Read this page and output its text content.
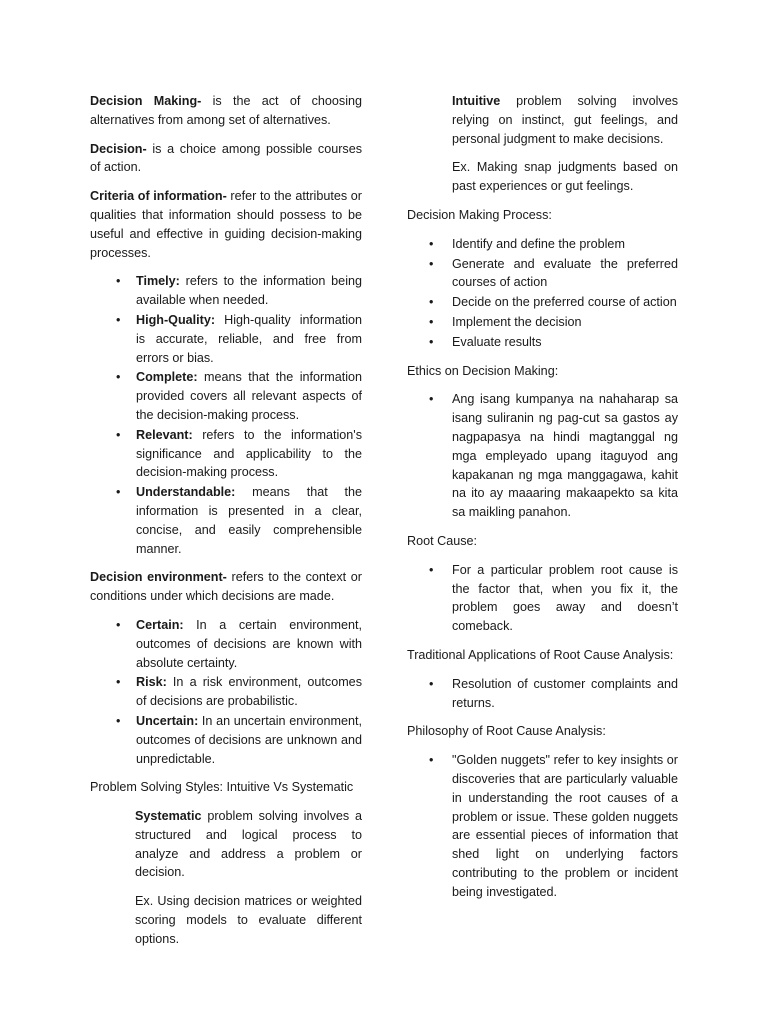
Decision Making- is the act of choosing alternatives from among set of alternatives.

Decision- is a choice among possible courses of action.

Criteria of information- refer to the attributes or qualities that information should possess to be useful and effective in guiding decision-making processes.

• Timely: refers to the information being available when needed.
• High-Quality: High-quality information is accurate, reliable, and free from errors or bias.
• Complete: means that the information provided covers all relevant aspects of the decision-making process.
• Relevant: refers to the information's significance and applicability to the decision-making process.
• Understandable: means that the information is presented in a clear, concise, and easily comprehensible manner.

Decision environment- refers to the context or conditions under which decisions are made.

• Certain: In a certain environment, outcomes of decisions are known with absolute certainty.
• Risk: In a risk environment, outcomes of decisions are probabilistic.
• Uncertain: In an uncertain environment, outcomes of decisions are unknown and unpredictable.

Problem Solving Styles: Intuitive Vs Systematic

Systematic problem solving involves a structured and logical process to analyze and address a problem or decision.

Ex. Using decision matrices or weighted scoring models to evaluate different options.

Intuitive problem solving involves relying on instinct, gut feelings, and personal judgment to make decisions.

Ex. Making snap judgments based on past experiences or gut feelings.

Decision Making Process:

• Identify and define the problem
• Generate and evaluate the preferred courses of action
• Decide on the preferred course of action
• Implement the decision
• Evaluate results

Ethics on Decision Making:

• Ang isang kumpanya na nahaharap sa isang suliranin ng pag-cut sa gastos ay nagpapasya na hindi magtanggal ng mga empleyado upang itaguyod ang kapakanan ng mga manggagawa, kahit na ito ay maaaring makaapekto sa kita sa maikling panahon.

Root Cause:

• For a particular problem root cause is the factor that, when you fix it, the problem goes away and doesn’t comeback.

Traditional Applications of Root Cause Analysis:

• Resolution of customer complaints and returns.

Philosophy of Root Cause Analysis:

• "Golden nuggets" refer to key insights or discoveries that are particularly valuable in understanding the root causes of a problem or issue. These golden nuggets are essential pieces of information that shed light on underlying factors contributing to the problem or incident being investigated.
